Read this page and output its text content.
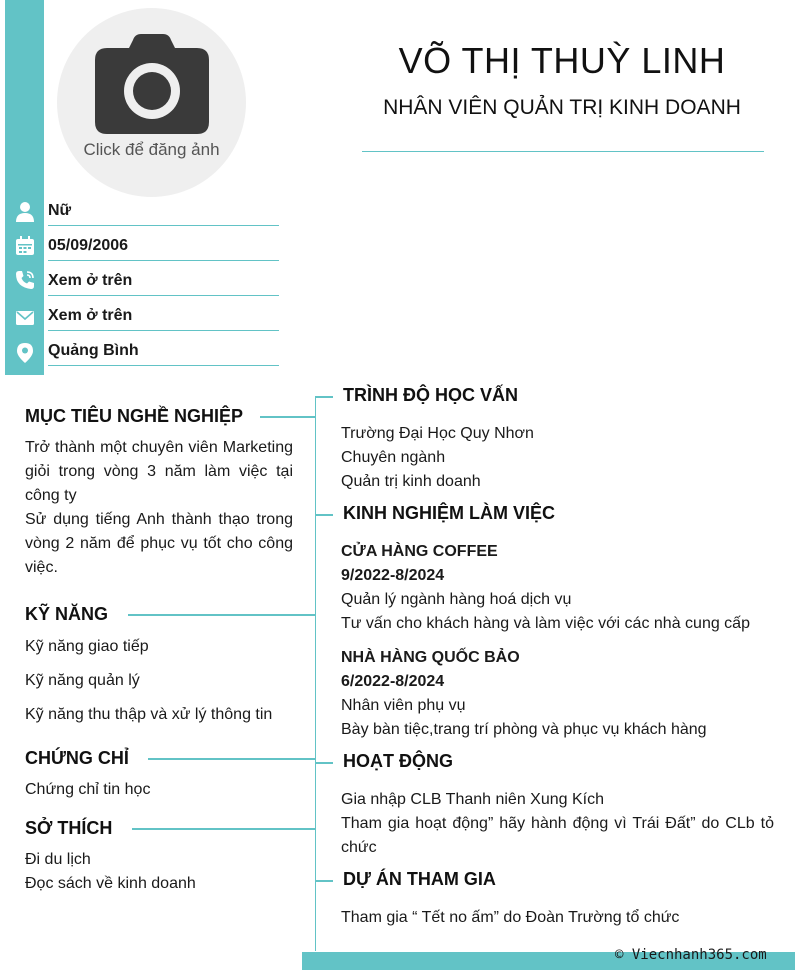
Click để đăng ảnh
Nữ
05/09/2006
Xem ở trên
Xem ở trên
Quảng Bình
VÕ THỊ THUỲ LINH
NHÂN VIÊN QUẢN TRỊ KINH DOANH
MỤC TIÊU NGHỀ NGHIỆP
Trở thành một chuyên viên Marketing giỏi trong vòng 3 năm làm việc tại công ty
Sử dụng tiếng Anh thành thạo trong vòng 2 năm để phục vụ tốt cho công việc.
KỸ NĂNG
Kỹ năng giao tiếp
Kỹ năng quản lý
Kỹ năng thu thập và xử lý thông tin
CHỨNG CHỈ
Chứng chỉ tin học
SỞ THÍCH
Đi du lịch
Đọc sách về kinh doanh
TRÌNH ĐỘ HỌC VẤN
Trường Đại Học Quy Nhơn
Chuyên ngành
Quản trị kinh doanh
KINH NGHIỆM LÀM VIỆC
CỬA HÀNG COFFEE
9/2022-8/2024
Quản lý ngành hàng hoá dịch vụ
Tư vấn cho khách hàng và làm việc với các nhà cung cấp
NHÀ HÀNG QUỐC BẢO
6/2022-8/2024
Nhân viên phụ vụ
Bày bàn tiệc,trang trí phòng và phục vụ khách hàng
HOẠT ĐỘNG
Gia nhập CLB Thanh niên Xung Kích
Tham gia hoạt động” hãy hành động vì Trái Đất” do CLb tỏ chức
DỰ ÁN THAM GIA
Tham gia “ Tết no ấm” do Đoàn Trường tổ chức
© Viecnhanh365.com
